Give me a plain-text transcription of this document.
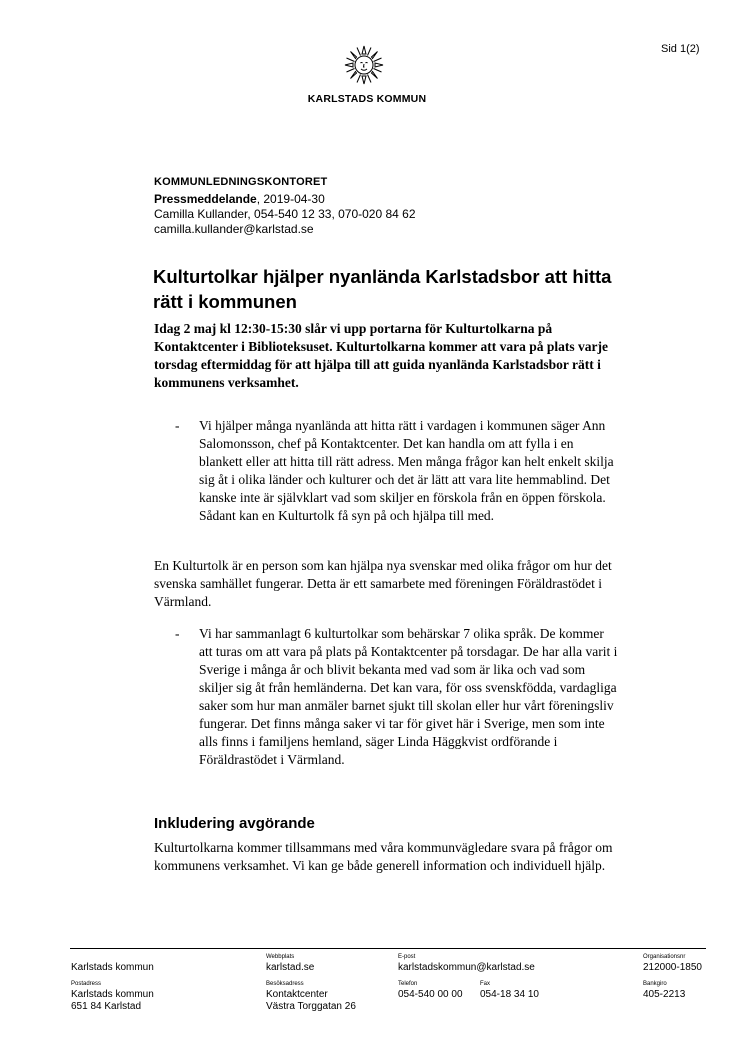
Sid 1(2)
KARLSTADS KOMMUN
KOMMUNLEDNINGSKONTORET
Pressmeddelande, 2019-04-30
Camilla Kullander, 054-540 12 33, 070-020 84 62
camilla.kullander@karlstad.se
Kulturtolkar hjälper nyanlända Karlstadsbor att hitta rätt i kommunen

Idag 2 maj kl 12:30-15:30 slår vi upp portarna för Kulturtolkarna på Kontaktcenter i Biblioteksuset. Kulturtolkarna kommer att vara på plats varje torsdag eftermiddag för att hjälpa till att guida nyanlända Karlstadsbor rätt i kommunens verksamhet.

- Vi hjälper många nyanlända att hitta rätt i vardagen i kommunen säger Ann Salomonsson, chef på Kontaktcenter. Det kan handla om att fylla i en blankett eller att hitta till rätt adress. Men många frågor kan helt enkelt skilja sig åt i olika länder och kulturer och det är lätt att vara lite hemmablind. Det kanske inte är självklart vad som skiljer en förskola från en öppen förskola. Sådant kan en Kulturtolk få syn på och hjälpa till med.

En Kulturtolk är en person som kan hjälpa nya svenskar med olika frågor om hur det svenska samhället fungerar. Detta är ett samarbete med föreningen Föräldrastödet i Värmland.

- Vi har sammanlagt 6 kulturtolkar som behärskar 7 olika språk. De kommer att turas om att vara på plats på Kontaktcenter på torsdagar. De har alla varit i Sverige i många år och blivit bekanta med vad som är lika och vad som skiljer sig åt från hemländerna. Det kan vara, för oss svenskfödda, vardagliga saker som hur man anmäler barnet sjukt till skolan eller hur vårt föreningsliv fungerar. Det finns många saker vi tar för givet här i Sverige, men som inte alls finns i familjens hemland, säger Linda Häggkvist ordförande i Föräldrastödet i Värmland.

Inkludering avgörande

Kulturtolkarna kommer tillsammans med våra kommunvägledare svara på frågor om kommunens verksamhet. Vi kan ge både generell information och individuell hjälp.

Karlstads kommun
Webbplats
karlstad.se
E-post
karlstadskommun@karlstad.se
Organisationsnr
212000-1850
Postadress
Karlstads kommun
651 84 Karlstad
Besöksadress
Kontaktcenter
Västra Torggatan 26
Telefon
054-540 00 00
Fax
054-18 34 10
Bankgiro
405-2213
